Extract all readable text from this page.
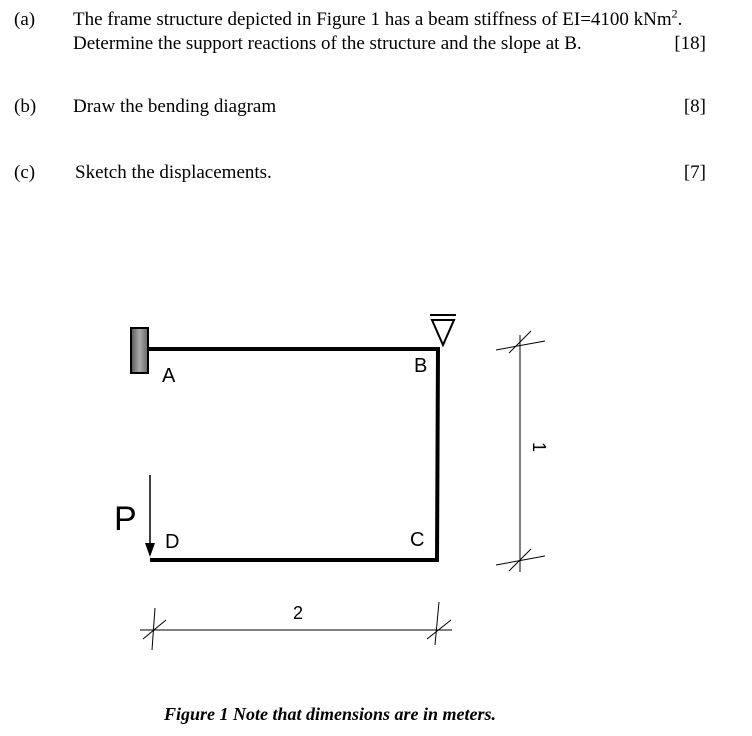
(a) The frame structure depicted in Figure 1 has a beam stiffness of EI=4100 kNm$^2$.
Determine the support reactions of the structure and the slope at B.	[18]
(b) Draw the bending diagram	[8]
(c) Sketch the displacements.	[7]
A	B
C
D
P
1
2
Figure 1 Note that dimensions are in meters.
